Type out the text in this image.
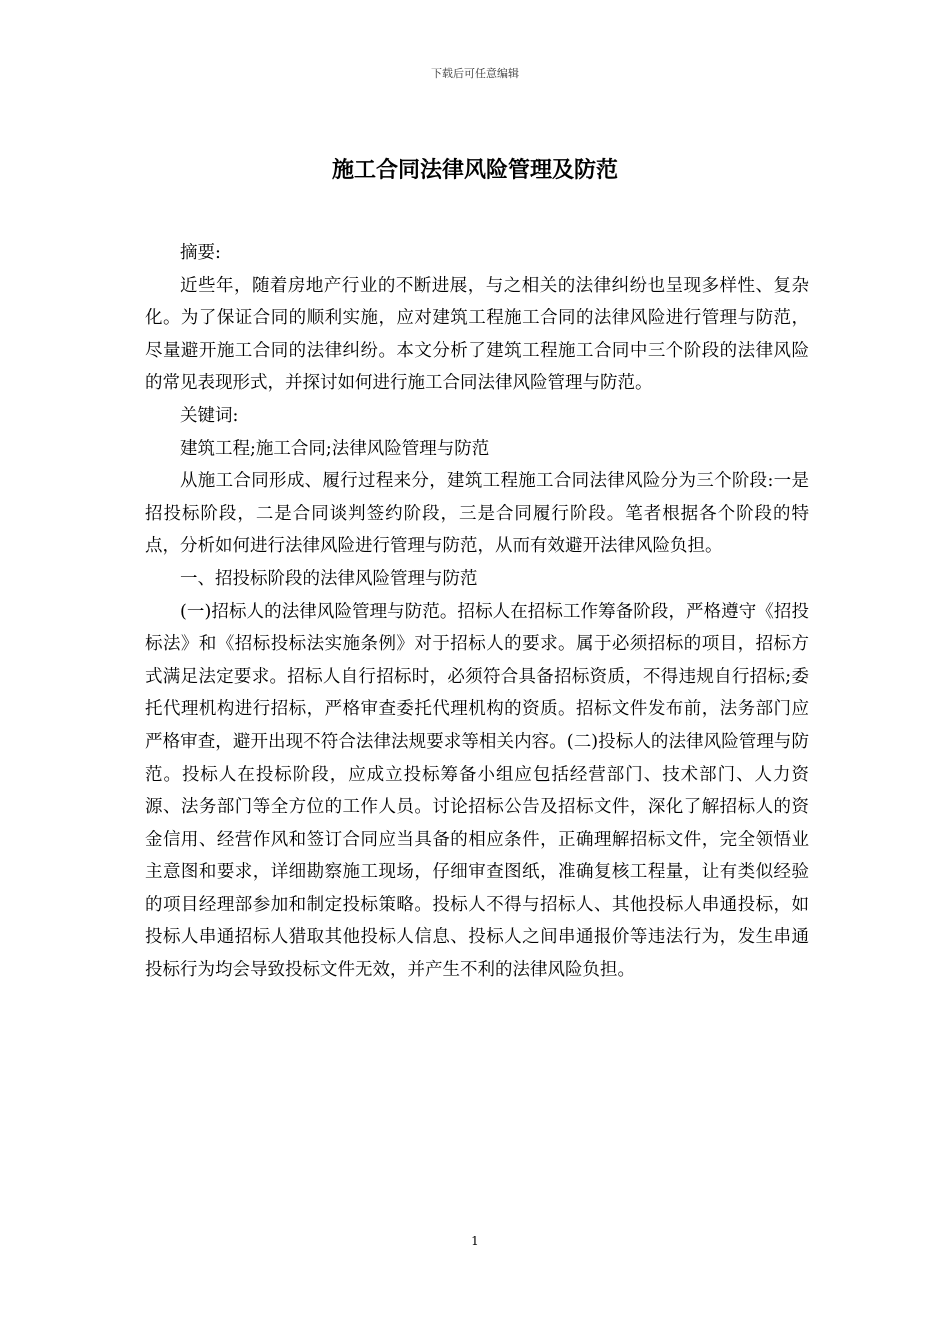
下载后可任意编辑
施工合同法律风险管理及防范

摘要:

近些年，随着房地产行业的不断进展，与之相关的法律纠纷也呈现多样性、复杂化。为了保证合同的顺利实施，应对建筑工程施工合同的法律风险进行管理与防范，尽量避开施工合同的法律纠纷。本文分析了建筑工程施工合同中三个阶段的法律风险的常见表现形式，并探讨如何进行施工合同法律风险管理与防范。

关键词:

建筑工程;施工合同;法律风险管理与防范

从施工合同形成、履行过程来分，建筑工程施工合同法律风险分为三个阶段:一是招投标阶段，二是合同谈判签约阶段，三是合同履行阶段。笔者根据各个阶段的特点，分析如何进行法律风险进行管理与防范，从而有效避开法律风险负担。

一、招投标阶段的法律风险管理与防范

(一)招标人的法律风险管理与防范。招标人在招标工作筹备阶段，严格遵守《招投标法》和《招标投标法实施条例》对于招标人的要求。属于必须招标的项目，招标方式满足法定要求。招标人自行招标时，必须符合具备招标资质，不得违规自行招标;委托代理机构进行招标，严格审查委托代理机构的资质。招标文件发布前，法务部门应严格审查，避开出现不符合法律法规要求等相关内容。(二)投标人的法律风险管理与防范。投标人在投标阶段，应成立投标筹备小组应包括经营部门、技术部门、人力资源、法务部门等全方位的工作人员。讨论招标公告及招标文件，深化了解招标人的资金信用、经营作风和签订合同应当具备的相应条件，正确理解招标文件，完全领悟业主意图和要求，详细勘察施工现场，仔细审查图纸，准确复核工程量，让有类似经验的项目经理部参加和制定投标策略。投标人不得与招标人、其他投标人串通投标，如投标人串通招标人猎取其他投标人信息、投标人之间串通报价等违法行为，发生串通投标行为均会导致投标文件无效，并产生不利的法律风险负担。

1
